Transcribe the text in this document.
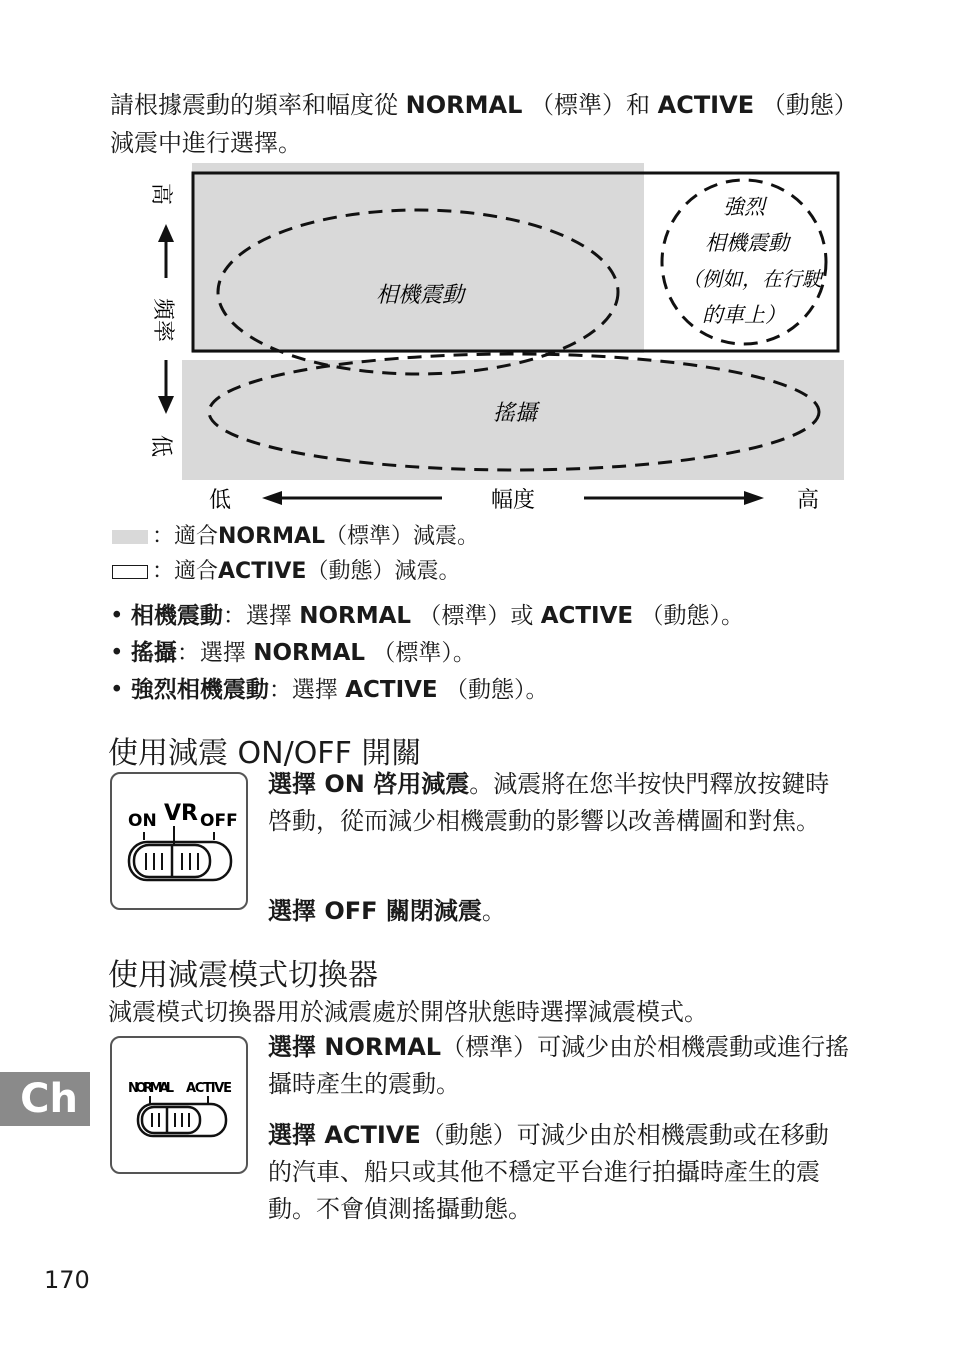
請根據震動的頻率和幅度從 NORMAL （標準）和 ACTIVE （動態）減震中進行選擇。
相機震動
搖攝
強烈
相機震動
（例如，在行駛
的車上）
高
頻率
低
低	幅度	高
：適合 NORMAL （標準）減震。
：適合 ACTIVE （動態）減震。
• 相機震動：選擇 NORMAL （標準）或 ACTIVE （動態）。
• 搖攝：選擇 NORMAL （標準）。
• 強烈相機震動：選擇 ACTIVE （動態）。
使用減震 ON/OFF 開關
ON VR OFF
選擇 ON 啓用減震。減震將在您半按快門釋放按鍵時啓動，從而減少相機震動的影響以改善構圖和對焦。
選擇 OFF 關閉減震。
使用減震模式切換器
減震模式切換器用於減震處於開啓狀態時選擇減震模式。
NORMAL ACTIVE
選擇 NORMAL（標準）可減少由於相機震動或進行搖攝時產生的震動。
選擇 ACTIVE（動態）可減少由於相機震動或在移動的汽車、船只或其他不穩定平台進行拍攝時產生的震動。不會偵測搖攝動態。
Ch
170
